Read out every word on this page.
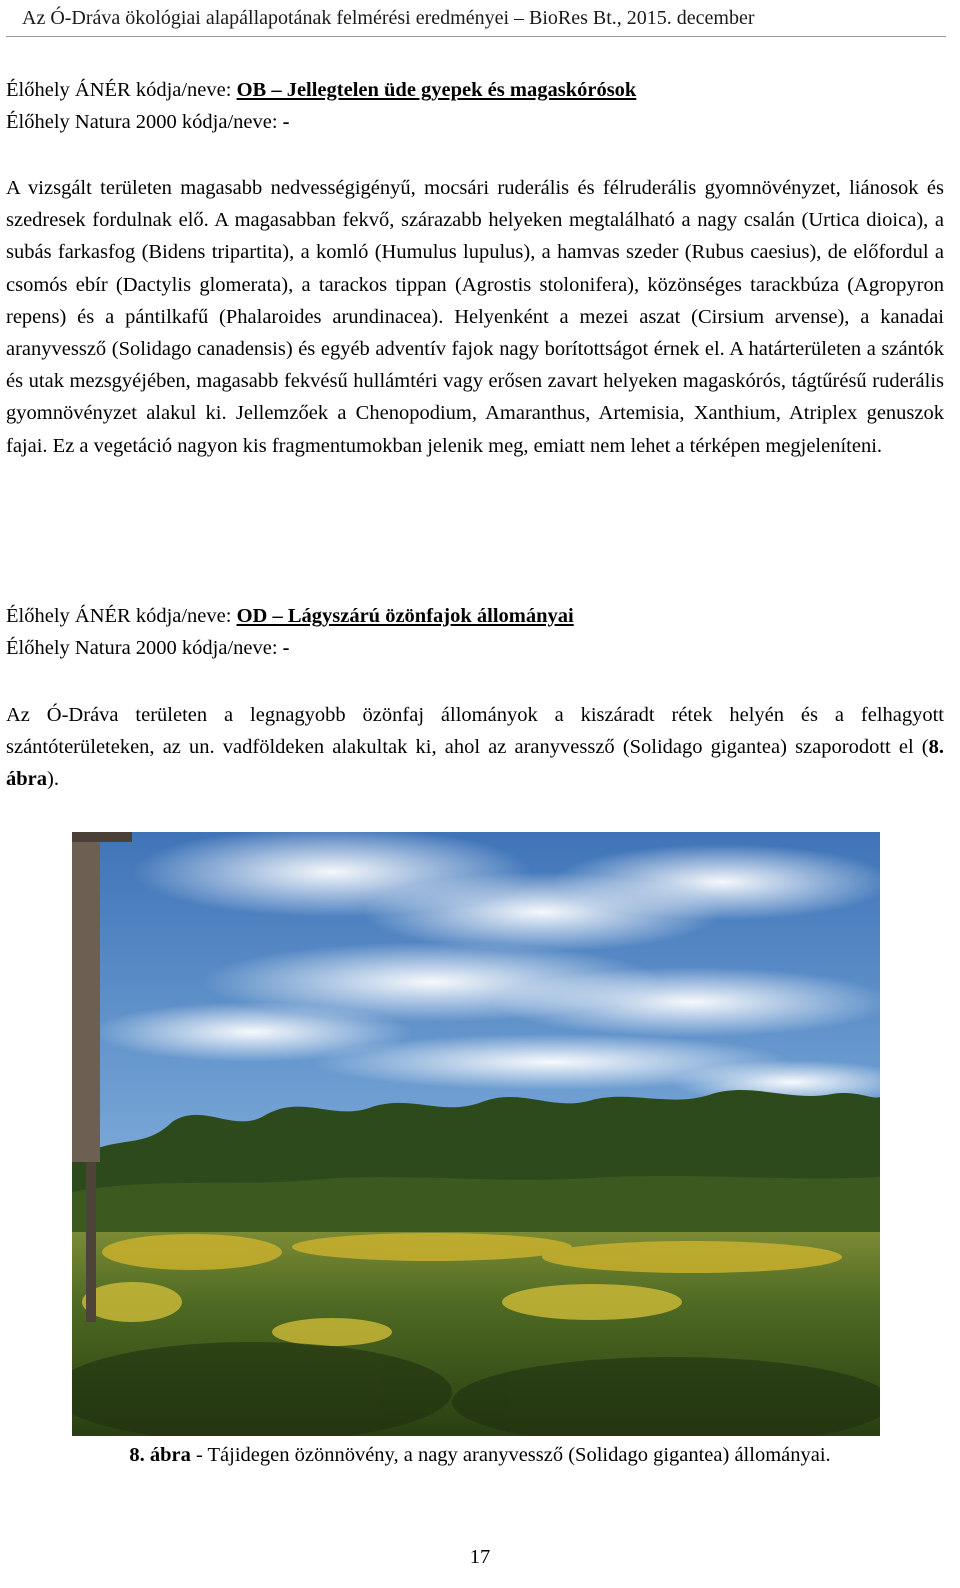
Az Ó-Dráva ökológiai alapállapotának felmérési eredményei – BioRes Bt., 2015. december
Élőhely ÁNÉR kódja/neve: OB – Jellegtelen üde gyepek és magaskórósok
Élőhely Natura 2000 kódja/neve: -

A vizsgált területen magasabb nedvességigényű, mocsári ruderális és félruderális gyomnövényzet, liánosok és szedresek fordulnak elő. A magasabban fekvő, szárazabb helyeken megtalálható a nagy csalán (Urtica dioica), a subás farkasfog (Bidens tripartita), a komló (Humulus lupulus), a hamvas szeder (Rubus caesius), de előfordul a csomós ebír (Dactylis glomerata), a tarackos tippan (Agrostis stolonifera), közönséges tarackbúza (Agropyron repens) és a pántilkafű (Phalaroides arundinacea). Helyenként a mezei aszat (Cirsium arvense), a kanadai aranyvessző (Solidago canadensis) és egyéb adventív fajok nagy borítottságot érnek el. A határterületen a szántók és utak mezsgyéjében, magasabb fekvésű hullámtéri vagy erősen zavart helyeken magaskórós, tágtűrésű ruderális gyomnövényzet alakul ki. Jellemzőek a Chenopodium, Amaranthus, Artemisia, Xanthium, Atriplex genuszok fajai. Ez a vegetáció nagyon kis fragmentumokban jelenik meg, emiatt nem lehet a térképen megjeleníteni.

Élőhely ÁNÉR kódja/neve: OD – Lágyszárú özönfajok állományai
Élőhely Natura 2000 kódja/neve: -

Az Ó-Dráva területen a legnagyobb özönfaj állományok a kiszáradt rétek helyén és a felhagyott szántóterületeken, az un. vadföldeken alakultak ki, ahol az aranyvessző (Solidago gigantea) szaporodott el (8. ábra).

8. ábra - Tájidegen özönnövény, a nagy aranyvessző (Solidago gigantea) állományai.
17
